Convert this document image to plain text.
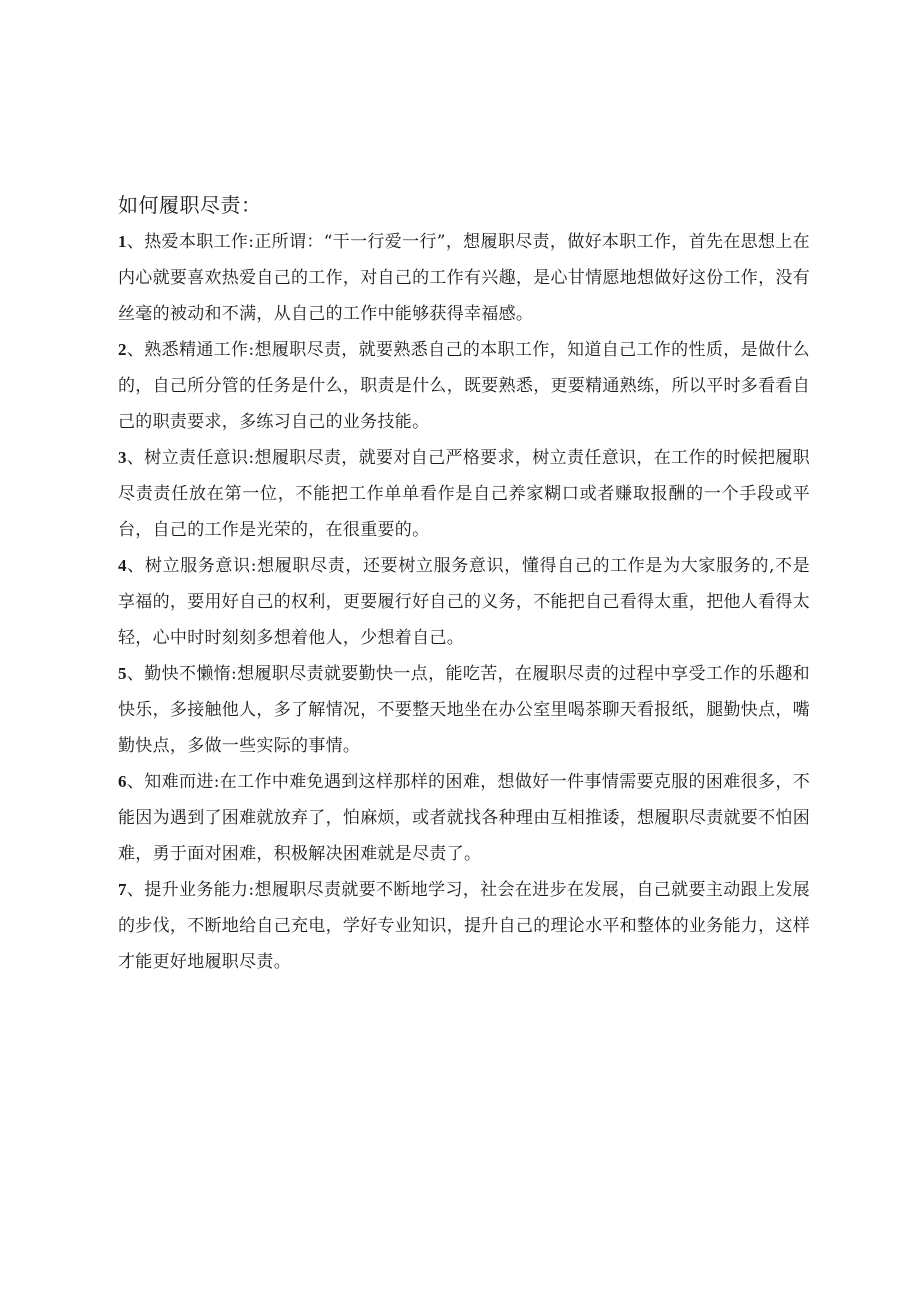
如何履职尽责：

1、热爱本职工作:正所谓：“干一行爱一行”，想履职尽责，做好本职工作，首先在思想上在内心就要喜欢热爱自己的工作，对自己的工作有兴趣，是心甘情愿地想做好这份工作，没有丝毫的被动和不满，从自己的工作中能够获得幸福感。

2、熟悉精通工作:想履职尽责，就要熟悉自己的本职工作，知道自己工作的性质，是做什么的，自己所分管的任务是什么，职责是什么，既要熟悉，更要精通熟练，所以平时多看看自己的职责要求，多练习自己的业务技能。

3、树立责任意识:想履职尽责，就要对自己严格要求，树立责任意识，在工作的时候把履职尽责责任放在第一位，不能把工作单单看作是自己养家糊口或者赚取报酬的一个手段或平台，自己的工作是光荣的，在很重要的。

4、树立服务意识:想履职尽责，还要树立服务意识，懂得自己的工作是为大家服务的,不是享福的，要用好自己的权利，更要履行好自己的义务，不能把自己看得太重，把他人看得太轻，心中时时刻刻多想着他人，少想着自己。

5、勤快不懒惰:想履职尽责就要勤快一点，能吃苦，在履职尽责的过程中享受工作的乐趣和快乐，多接触他人，多了解情况，不要整天地坐在办公室里喝茶聊天看报纸，腿勤快点，嘴勤快点，多做一些实际的事情。

6、知难而进:在工作中难免遇到这样那样的困难，想做好一件事情需要克服的困难很多，不能因为遇到了困难就放弃了，怕麻烦，或者就找各种理由互相推诿，想履职尽责就要不怕困难，勇于面对困难，积极解决困难就是尽责了。

7、提升业务能力:想履职尽责就要不断地学习，社会在进步在发展，自己就要主动跟上发展的步伐，不断地给自己充电，学好专业知识，提升自己的理论水平和整体的业务能力，这样才能更好地履职尽责。
